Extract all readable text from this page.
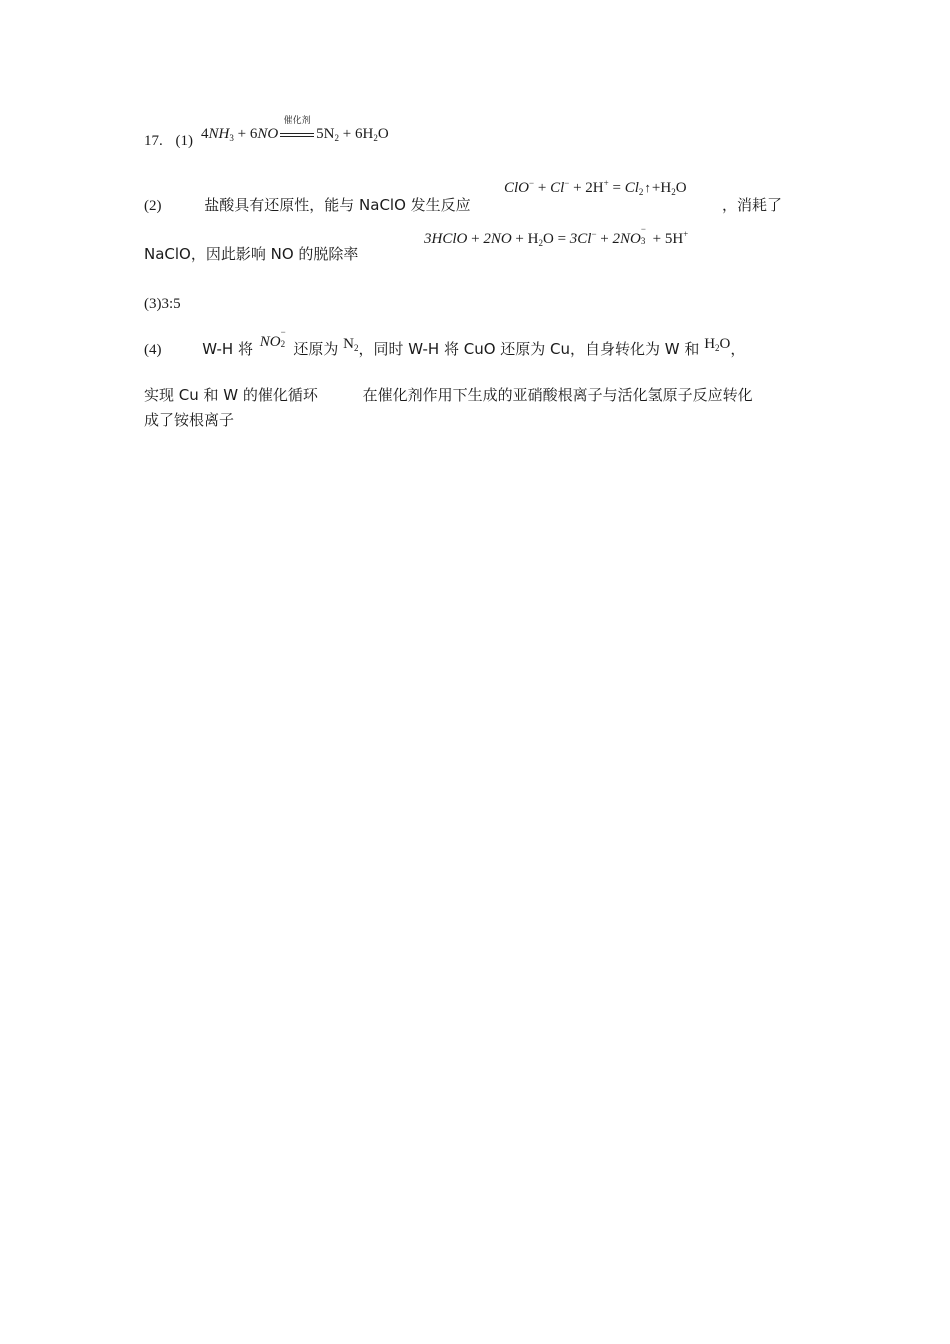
17. (1) $4NH_3 + 6NO$
催化剂
$5N_2 + 6H_2O$
(2)	盐酸具有还原性，能与 NaClO 发生反应
$ClO^- + Cl^- + 2H^+ = Cl_2↑+H_2O$
，消耗了
3HClO + $2NO + H_2O = 3Cl^- + 2NO$
−
3 + 5H+
NaClO，因此影响 NO 的脱除率
(3)3:5
(4)	W-H 将 NO
−
2 还原为 $N_2$，同时 W-H 将 CuO 还原为 Cu，自身转化为 W 和 $H_2O$，
实现 Cu 和 W 的催化循环	在催化剂作用下生成的亚硝酸根离子与活化氢原子反应转化
成了铵根离子
